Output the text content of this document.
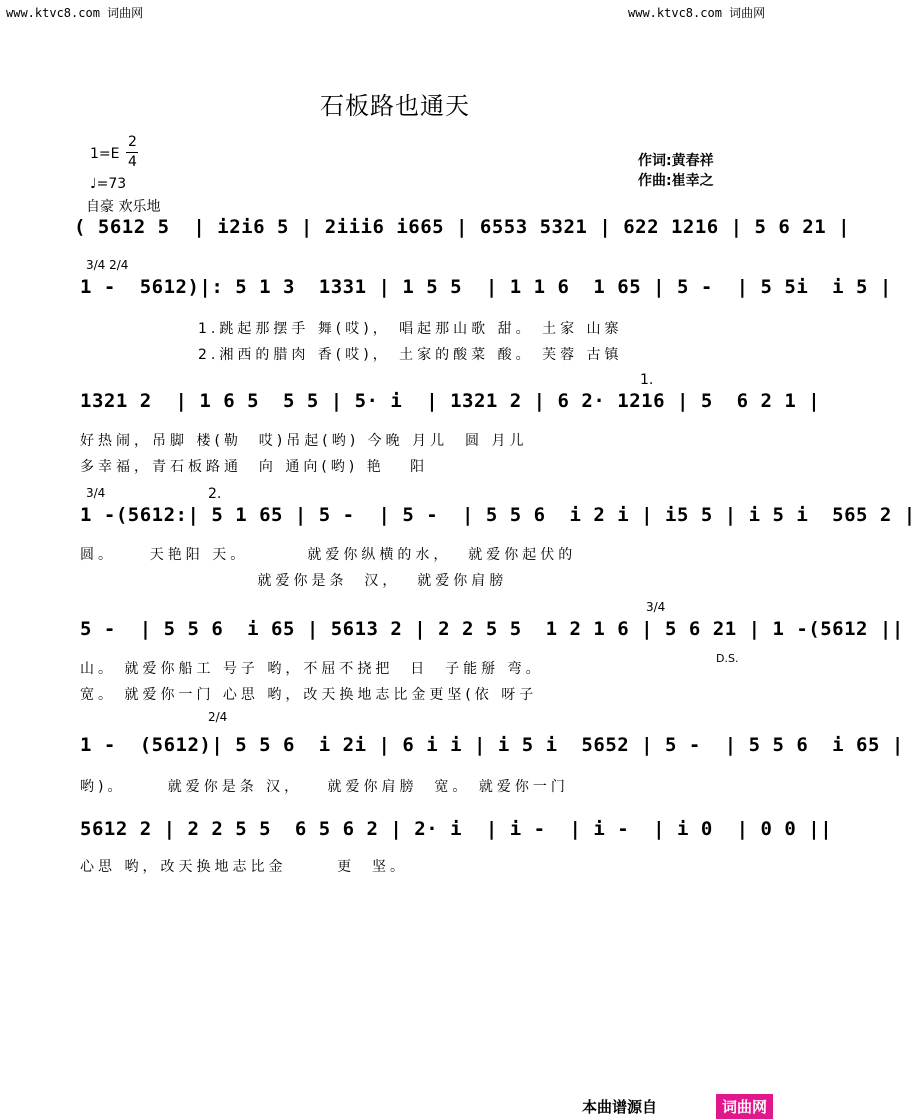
www.ktvc8.com 词曲网	www.ktvc8.com 词曲网
石板路也通天
1=E
2
4
♩=73
自豪 欢乐地
作词:黄春祥
作曲:崔幸之
( 5612 5  | i2i6 5 | 2iii6 i665 | 6553 5321 | 622 1216 | 5 6 21 |
3/4 2/4
1 -  5612)|: 5 1 3  1331 | 1 5 5  | 1 1 6  1 65 | 5 -  | 5 5i  i 5 |
1.跳起那摆手 舞(哎)， 唱起那山歌 甜。 土家 山寨
2.湘西的腊肉 香(哎)， 土家的酸菜 酸。 芙蓉 古镇
1.
1321 2  | 1 6 5  5 5 | 5· i  | 1321 2 | 6 2· 1216 | 5  6 2 1 |
好热闹，吊脚 楼(勒  哎)吊起(哟) 今晚 月儿  圆 月儿
多幸福，青石板路通  向 通向(哟) 艳   阳
3/4	2.
1 -(5612:| 5 1 65 | 5 -  | 5 -  | 5 5 6  i 2 i | i5 5 | i 5 i  565 2 |
圆。    天艳阳 天。       就爱你纵横的水，  就爱你起伏的
就爱你是条  汉，  就爱你肩膀
3/4
D.S.
5 -  | 5 5 6  i 65 | 5613 2 | 2 2 5 5  1 2 1 6 | 5 6 21 | 1 -(5612 ||
山。 就爱你船工 号子 哟，不屈不挠把  日  子能掰 弯。
宽。 就爱你一门 心思 哟，改天换地志比金更坚(依 呀子
2/4
1 -  (5612)| 5 5 6  i 2i | 6 i i | i 5 i  5652 | 5 -  | 5 5 6  i 65 |
哟)。     就爱你是条 汉，   就爱你肩膀  宽。 就爱你一门
5612 2 | 2 2 5 5  6 5 6 2 | 2· i  | i -  | i -  | i 0  | 0 0 ||
心思 哟，改天换地志比金      更  坚。
本曲谱源自	词曲网
